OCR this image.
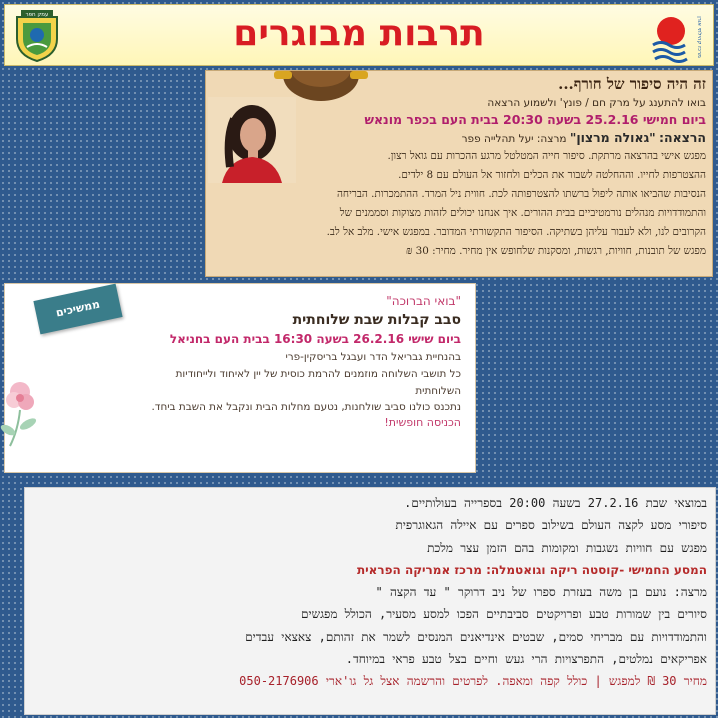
עמק חפר	תרבות מבוגרים	מרכז קהילתי אורן
זה היה סיפור של חורף...
בואו להתענג על מרק חם / פונץ' ולשמוע הרצאה
ביום חמישי 25.2.16 בשעה 20:30 בבית העם בכפר מונאש
הרצאה: "גאולה מרצון" מרצה: יעל תהלייה פפר
מפגש אישי בהרצאה מרתקת. סיפור חייה המטלטל מרגע ההכרות עם גואל רצון.
ההצטרפות לחייו. וההחלטה לשבור את הכלים ולחזור אל העולם עם 8 ילדים.
הנסיבות שהביאו אותה ליפול ברשתו להצטרפותה לכת. חווית ניל המרד. ההתמכרות. הבריחה
והתמודדויות מנהלים נורמטיביים בבית ההורים. איך אנחנו יכולים לזהות מצוקות וסממנים של
הקרובים לנו, ולא לעבור עליהן בשתיקה. הסיפור התקשורתי המדובר. במפגש אישי. מלב אל לב.
מפגש של תובנות, חוויות, רגשות, ומסקנות שלחופש אין מחיר. מחיר: 30 ₪
"בואי הברוכה"
סבב קבלות שבת שלוחתית
ביום שישי 26.2.16 בשעה 16:30 בבית העם בחניאל
בהנחיית גבריאל הדר ועבגל בריסקין-פרי
כל תושבי השלוחה מוזמנים להרמת כוסית של יין לאיחוד ולייחודיות
השלוחתית
נתכנס כולנו סביב שולחנות, נטעם מחלות הבית ונקבל את השבת ביחד.
הכניסה חופשית!
ממשיכים במסורת!
במוצאי שבת 27.2.16 בשעה 20:00 בספרייה בעולותיים.
סיפורי מסע לקצה העולם בשילוב ספרים עם איילה הגאוגרפית
מפגש עם חוויות נשגבות ומקומות בהם הזמן עצר מלכת
המסע החמישי -קוסטה ריקה וגואטמלה: מרכז אמריקה הפראית
מרצה: נועם בן משה בעזרת ספרו של ניב דרוקר " עד הקצה "
סיורים בין שמורות טבע ופרויקטים סביבתיים הפכו למסע מסעיר, הכולל מפגשים
והתמודדויות עם מבריחי סמים, שבטים אינדיאנים המנסים לשמר את זהותם, צאצאי עבדים
אפריקאים נמלטים, התפרצויות הרי געש וחיים בצל טבע פראי במיוחד.
מחיר 30 ₪ למפגש | כולל קפה ומאפה. לפרטים והרשמה אצל גל גו'ארי 050-2176906
